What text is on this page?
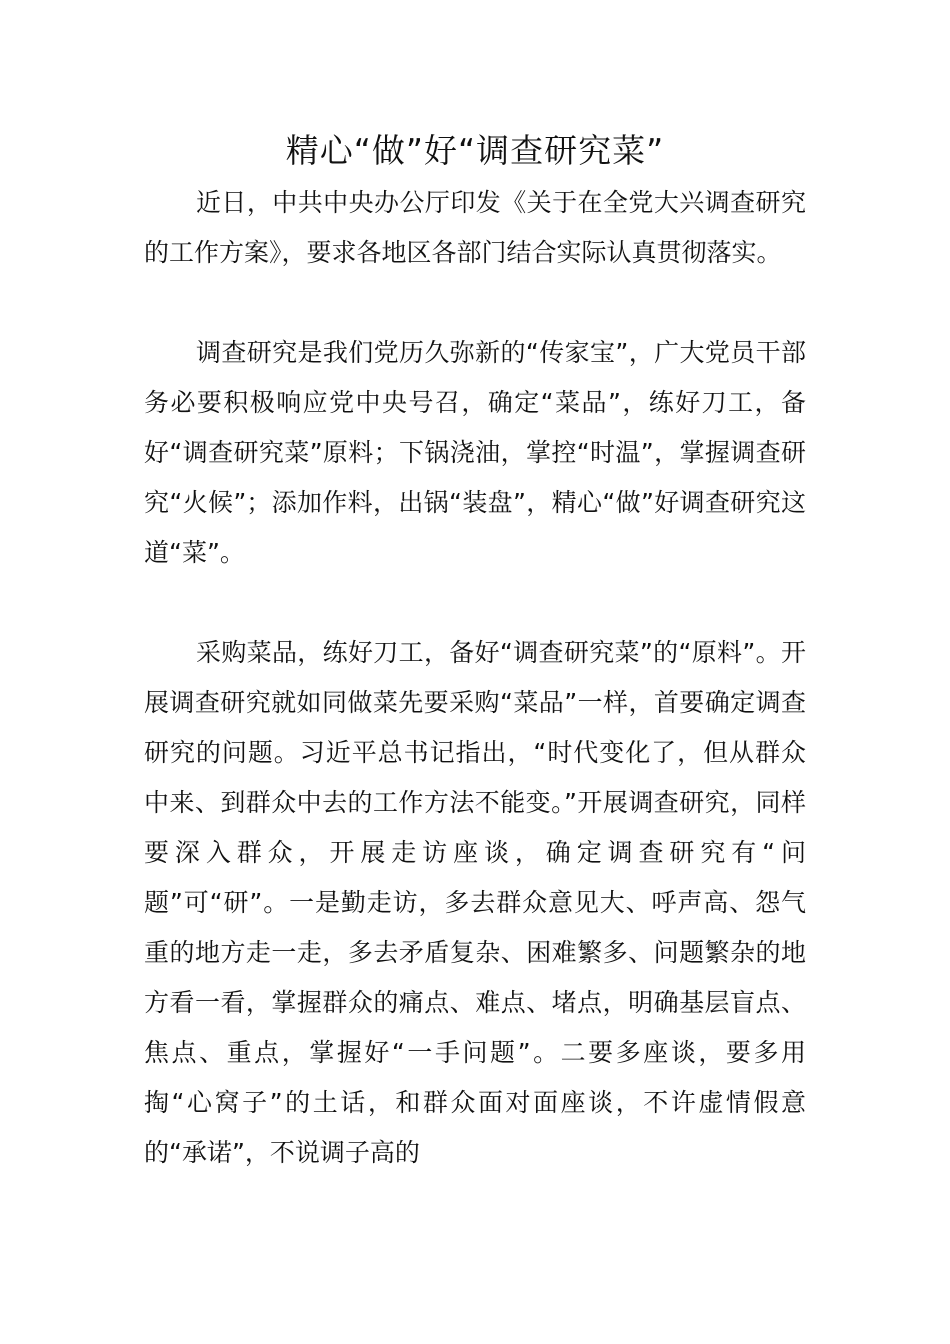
精心“做”好“调查研究菜”

近日，中共中央办公厅印发《关于在全党大兴调查研究的工作方案》，要求各地区各部门结合实际认真贯彻落实。

调查研究是我们党历久弥新的“传家宝”，广大党员干部务必要积极响应党中央号召，确定“菜品”，练好刀工，备好“调查研究菜”原料；下锅浇油，掌控“时温”，掌握调查研究“火候”；添加作料，出锅“装盘”，精心“做”好调查研究这道“菜”。

采购菜品，练好刀工，备好“调查研究菜”的“原料”。开展调查研究就如同做菜先要采购“菜品”一样，首要确定调查研究的问题。习近平总书记指出，“时代变化了，但从群众中来、到群众中去的工作方法不能变。”开展调查研究，同样要深入群众，开展走访座谈，确定调查研究有“问题”可“研”。一是勤走访，多去群众意见大、呼声高、怨气重的地方走一走，多去矛盾复杂、困难繁多、问题繁杂的地方看一看，掌握群众的痛点、难点、堵点，明确基层盲点、焦点、重点，掌握好“一手问题”。二要多座谈，要多用掏“心窝子”的土话，和群众面对面座谈，不许虚情假意的“承诺”，不说调子高的
